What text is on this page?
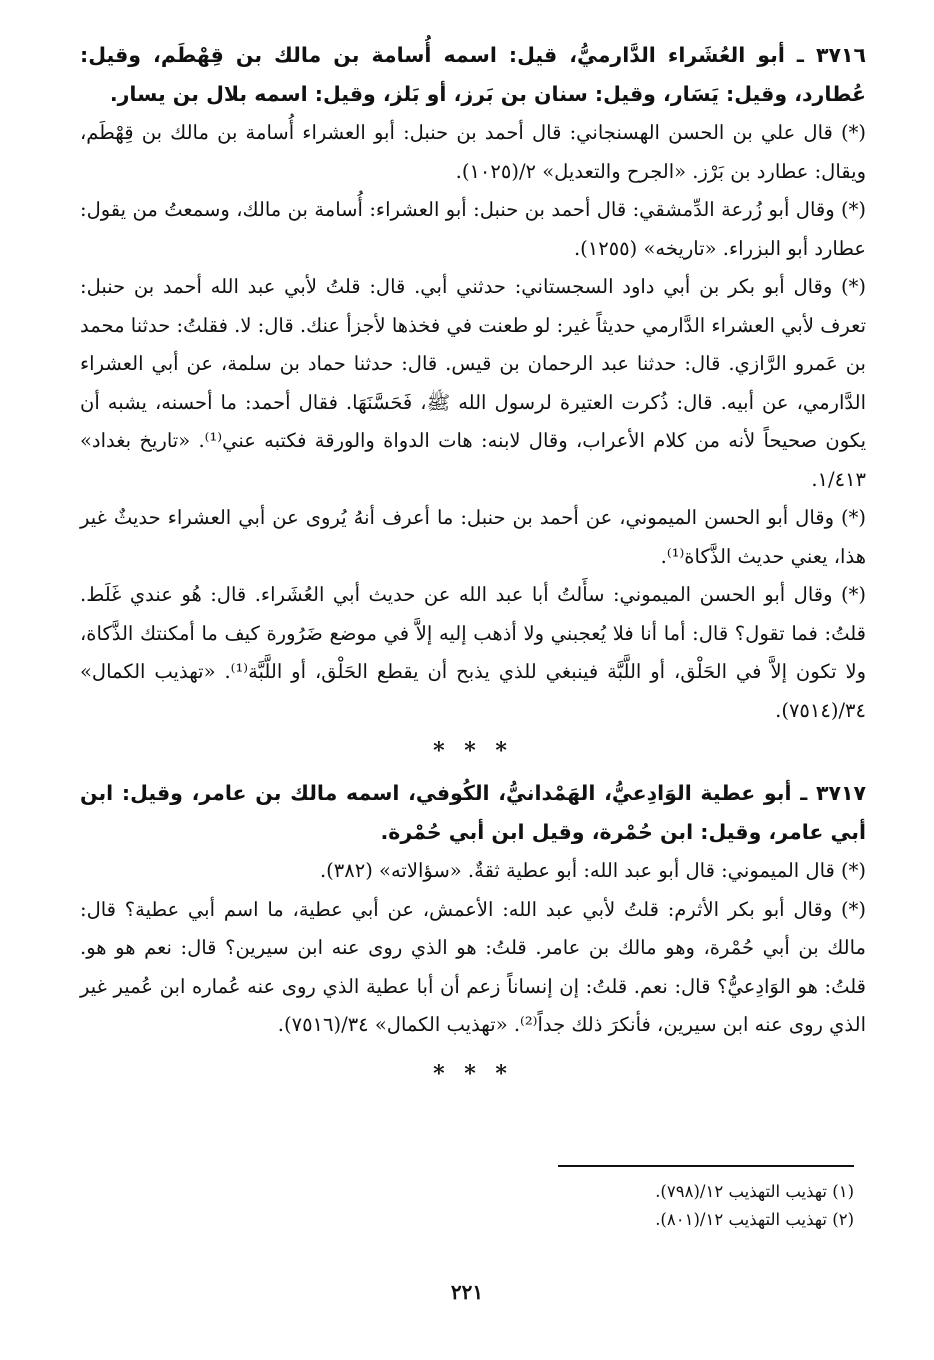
٣٧١٦ ـ أبو العُشَراء الدَّارميُّ، قيل: اسمه أُسامة بن مالك بن قِهْطَم، وقيل: عُطارد، وقيل: يَسَار، وقيل: سنان بن بَرز، أو بَلز، وقيل: اسمه بلال بن يسار.

(*) قال علي بن الحسن الهسنجاني: قال أحمد بن حنبل: أبو العشراء أُسامة بن مالك بن قِهْطَم، ويقال: عطارد بن بَرْز. «الجرح والتعديل» ٢/(١٠٢٥).

(*) وقال أبو زُرعة الدِّمشقي: قال أحمد بن حنبل: أبو العشراء: أُسامة بن مالك، وسمعتُ من يقول: عطارد أبو البزراء. «تاريخه» (١٢٥٥).

(*) وقال أبو بكر بن أبي داود السجستاني: حدثني أبي. قال: قلتُ لأبي عبد الله أحمد بن حنبل: تعرف لأبي العشراء الدَّارمي حديثاً غير: لو طعنت في فخذها لأجزأ عنك. قال: لا. فقلتُ: حدثنا محمد بن عَمرو الرَّازي. قال: حدثنا عبد الرحمان بن قيس. قال: حدثنا حماد بن سلمة، عن أبي العشراء الدَّارمي، عن أبيه. قال: ذُكرت العتيرة لرسول الله ﷺ، فَحَسَّنَهَا. فقال أحمد: ما أحسنه، يشبه أن يكون صحيحاً لأنه من كلام الأعراب، وقال لابنه: هات الدواة والورقة فكتبه عني⁽¹⁾. «تاريخ بغداد» ١/٤١٣.

(*) وقال أبو الحسن الميموني، عن أحمد بن حنبل: ما أعرف أنهُ يُروى عن أبي العشراء حديثٌ غير هذا، يعني حديث الذَّكاة⁽¹⁾.

(*) وقال أبو الحسن الميموني: سأَلتُ أبا عبد الله عن حديث أبي العُشَراء. قال: هُو عندي غَلَط. قلتُ: فما تقول؟ قال: أما أنا فلا يُعجبني ولا أذهب إليه إلاَّ في موضع ضَرُورة كيف ما أمكنتك الذَّكاة، ولا تكون إلاَّ في الحَلْق، أو اللَّبَّة فينبغي للذي يذبح أن يقطع الحَلْق، أو اللَّبَّة⁽¹⁾. «تهذيب الكمال» ٣٤/(٧٥١٤).

* * *

٣٧١٧ ـ أبو عطية الوَادِعيُّ، الهَمْدانيُّ، الكُوفي، اسمه مالك بن عامر، وقيل: ابن أبي عامر، وقيل: ابن حُمْرة، وقيل ابن أبي حُمْرة.

(*) قال الميموني: قال أبو عبد الله: أبو عطية ثقةٌ. «سؤالاته» (٣٨٢).

(*) وقال أبو بكر الأثرم: قلتُ لأبي عبد الله: الأعمش، عن أبي عطية، ما اسم أبي عطية؟ قال: مالك بن أبي حُمْرة، وهو مالك بن عامر. قلتُ: هو الذي روى عنه ابن سيرين؟ قال: نعم هو هو. قلتُ: هو الوَادِعيُّ؟ قال: نعم. قلتُ: إن إنساناً زعم أن أبا عطية الذي روى عنه عُماره ابن عُمير غير الذي روى عنه ابن سيرين، فأنكرَ ذلك جداً⁽²⁾. «تهذيب الكمال» ٣٤/(٧٥١٦).

* * *

(١) تهذيب التهذيب ١٢/(٧٩٨).

(٢) تهذيب التهذيب ١٢/(٨٠١).

٢٢١
